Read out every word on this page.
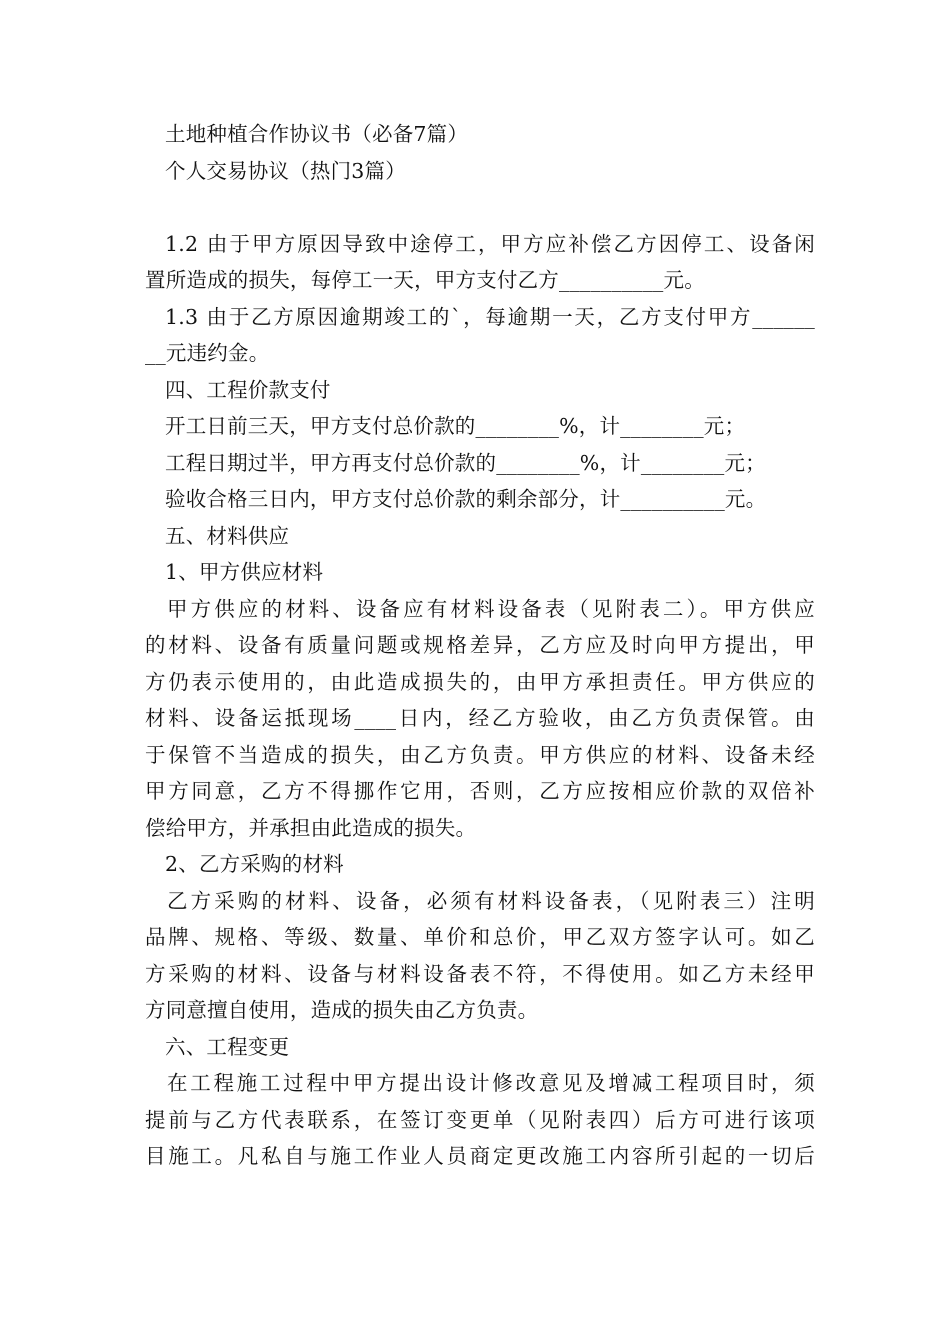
土地种植合作协议书（必备7篇）
个人交易协议（热门3篇）
1.2 由于甲方原因导致中途停工，甲方应补偿乙方因停工、设备闲
置所造成的损失，每停工一天，甲方支付乙方__________元。
1.3 由于乙方原因逾期竣工的`，每逾期一天，乙方支付甲方______
__元违约金。
四、工程价款支付
开工日前三天，甲方支付总价款的________%，计________元；
工程日期过半，甲方再支付总价款的________%，计________元；
验收合格三日内，甲方支付总价款的剩余部分，计__________元。
五、材料供应
1、甲方供应材料
甲方供应的材料、设备应有材料设备表（见附表二）。甲方供应
的材料、设备有质量问题或规格差异，乙方应及时向甲方提出，甲
方仍表示使用的，由此造成损失的，由甲方承担责任。甲方供应的
材料、设备运抵现场____日内，经乙方验收，由乙方负责保管。由
于保管不当造成的损失，由乙方负责。甲方供应的材料、设备未经
甲方同意，乙方不得挪作它用，否则，乙方应按相应价款的双倍补
偿给甲方，并承担由此造成的损失。
2、乙方采购的材料
乙方采购的材料、设备，必须有材料设备表，（见附表三）注明
品牌、规格、等级、数量、单价和总价，甲乙双方签字认可。如乙
方采购的材料、设备与材料设备表不符，不得使用。如乙方未经甲
方同意擅自使用，造成的损失由乙方负责。
六、工程变更
在工程施工过程中甲方提出设计修改意见及增减工程项目时，须
提前与乙方代表联系，在签订变更单（见附表四）后方可进行该项
目施工。凡私自与施工作业人员商定更改施工内容所引起的一切后
